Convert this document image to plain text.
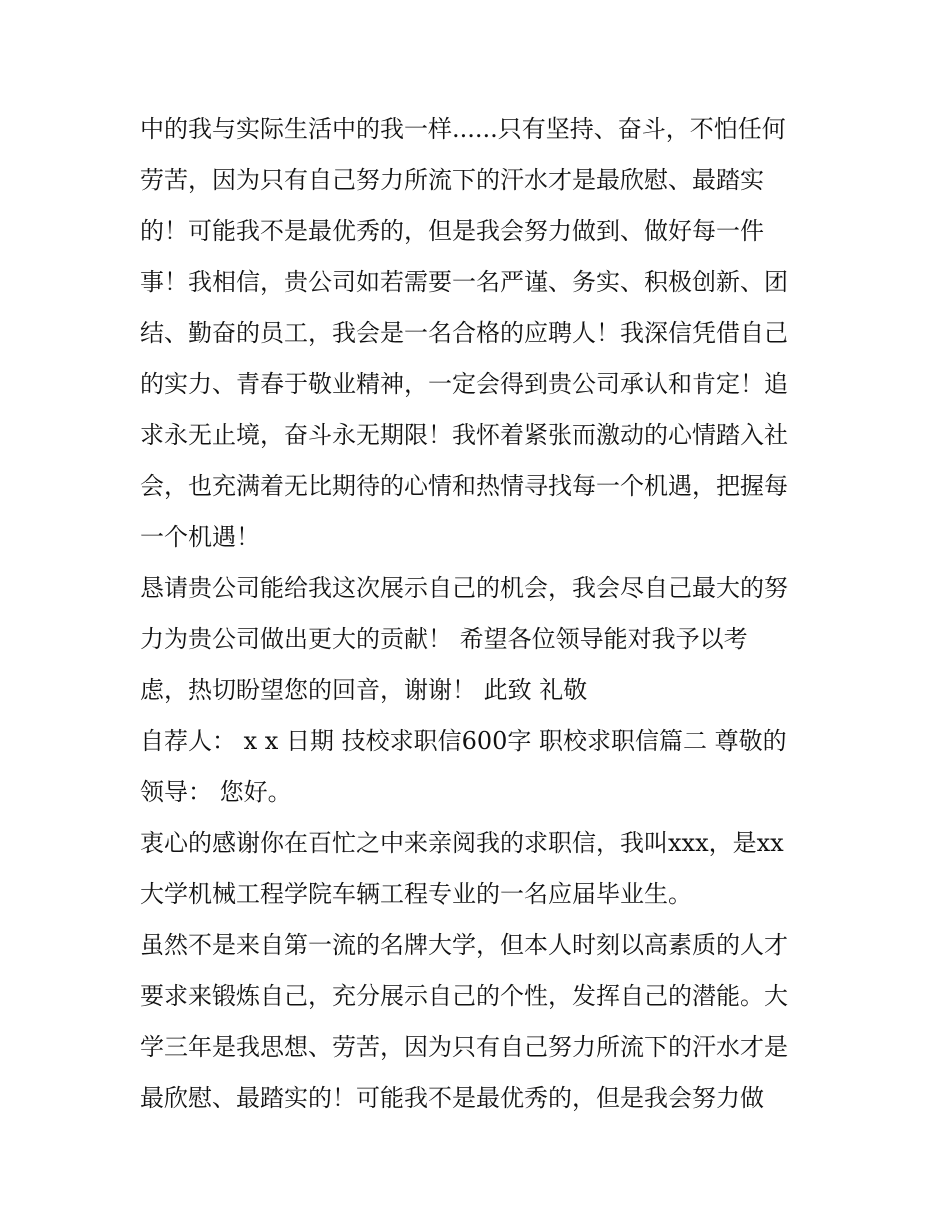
中的我与实际生活中的我一样......只有坚持、奋斗，不怕任何
劳苦，因为只有自己努力所流下的汗水才是最欣慰、最踏实
的！可能我不是最优秀的，但是我会努力做到、做好每一件
事！我相信，贵公司如若需要一名严谨、务实、积极创新、团
结、勤奋的员工，我会是一名合格的应聘人！我深信凭借自己
的实力、青春于敬业精神，一定会得到贵公司承认和肯定！追
求永无止境，奋斗永无期限！我怀着紧张而激动的心情踏入社
会，也充满着无比期待的心情和热情寻找每一个机遇，把握每
一个机遇！
恳请贵公司能给我这次展示自己的机会，我会尽自己最大的努
力为贵公司做出更大的贡献！ 希望各位领导能对我予以考
虑，热切盼望您的回音，谢谢！ 此致 礼敬
自荐人： x x 日期 技校求职信600字 职校求职信篇二 尊敬的
领导： 您好。
衷心的感谢你在百忙之中来亲阅我的求职信，我叫xxx，是xx
大学机械工程学院车辆工程专业的一名应届毕业生。
虽然不是来自第一流的名牌大学，但本人时刻以高素质的人才
要求来锻炼自己，充分展示自己的个性，发挥自己的潜能。大
学三年是我思想、劳苦，因为只有自己努力所流下的汗水才是
最欣慰、最踏实的！可能我不是最优秀的，但是我会努力做
